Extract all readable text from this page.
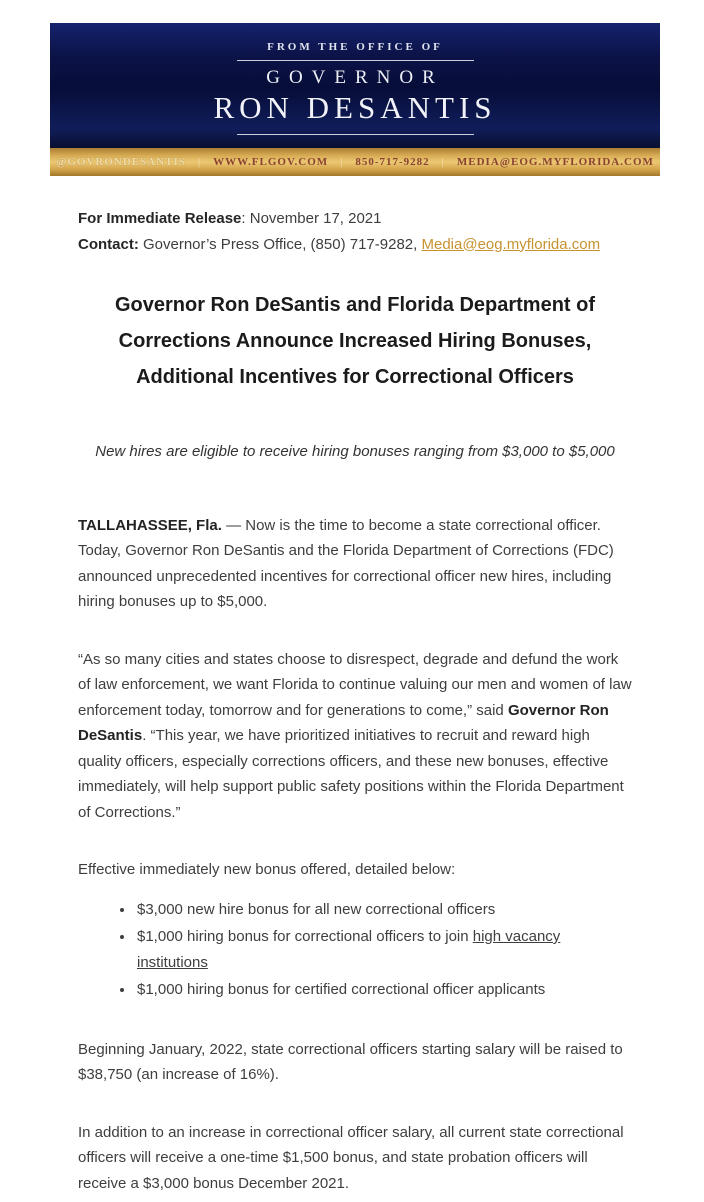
FROM THE OFFICE OF
GOVERNOR
RON DESANTIS
@GOVRONDESANTIS | WWW.FLGOV.COM | 850-717-9282 | MEDIA@EOG.MYFLORIDA.COM
For Immediate Release: November 17, 2021
Contact: Governor’s Press Office, (850) 717-9282, Media@eog.myflorida.com
Governor Ron DeSantis and Florida Department of Corrections Announce Increased Hiring Bonuses, Additional Incentives for Correctional Officers
New hires are eligible to receive hiring bonuses ranging from $3,000 to $5,000

TALLAHASSEE, Fla. — Now is the time to become a state correctional officer. Today, Governor Ron DeSantis and the Florida Department of Corrections (FDC) announced unprecedented incentives for correctional officer new hires, including hiring bonuses up to $5,000.

“As so many cities and states choose to disrespect, degrade and defund the work of law enforcement, we want Florida to continue valuing our men and women of law enforcement today, tomorrow and for generations to come,” said Governor Ron DeSantis. “This year, we have prioritized initiatives to recruit and reward high quality officers, especially corrections officers, and these new bonuses, effective immediately, will help support public safety positions within the Florida Department of Corrections.”

Effective immediately new bonus offered, detailed below:

• $3,000 new hire bonus for all new correctional officers
• $1,000 hiring bonus for correctional officers to join high vacancy institutions
• $1,000 hiring bonus for certified correctional officer applicants

Beginning January, 2022, state correctional officers starting salary will be raised to $38,750 (an increase of 16%).

In addition to an increase in correctional officer salary, all current state correctional officers will receive a one-time $1,500 bonus, and state probation officers will receive a $3,000 bonus December 2021.
